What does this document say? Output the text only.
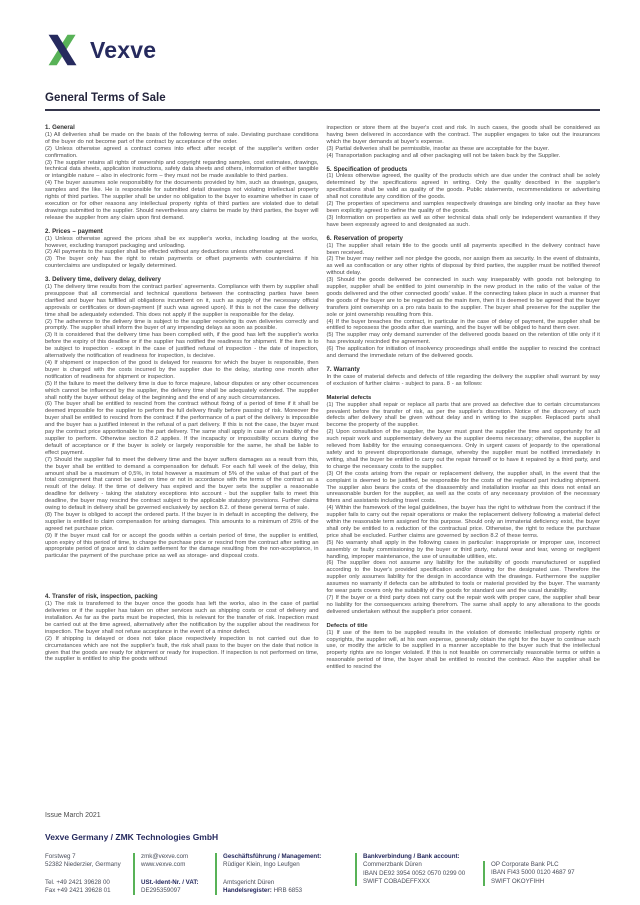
Vexve
General Terms of Sale
1. General
(1) All deliveries shall be made on the basis of the following terms of sale. Deviating purchase conditions of the buyer do not become part of the contract by acceptance of the order.
(2) Unless otherwise agreed a contract comes into effect after receipt of the supplier's written order confirmation.
(3) The supplier retains all rights of ownership and copyright regarding samples, cost estimates, drawings, technical data sheets, application instructions, safety data sheets and others, information of either tangible or intangible nature – also in electronic form – they must not be made available to third parties.
(4) The buyer assumes sole responsibility for the documents provided by him, such as drawings, gauges, samples and the like. He is responsible for submitted detail drawings not violating intellectual property rights of third parties. The supplier shall be under no obligation to the buyer to examine whether in case of execution or for other reasons any intellectual property rights of third parties are violated due to detail drawings submitted to the supplier. Should nevertheless any claims be made by third parties, the buyer will release the supplier from any claim upon first demand.
2. Prices – payment
(1) Unless otherwise agreed the prices shall be ex supplier's works, including loading at the works, however, excluding transport packaging and unloading.
(2) All payments to the supplier shall be effected without any deductions unless otherwise agreed.
(3) The buyer only has the right to retain payments or offset payments with counterclaims if his counterclaims are undisputed or legally determined.
3. Delivery time, delivery delay, delivery
(1) The delivery time results from the contract parties' agreements. Compliance with them by supplier shall presuppose that all commercial and technical questions between the contracting parties have been clarified and buyer has fulfilled all obligations incumbent on it, such as supply of the necessary official approvals or certificates or down-payment (if such was agreed upon). If this is not the case the delivery time shall be adequately extended. This does not apply if the supplier is responsible for the delay.
(2) The adherence to the delivery time is subject to the supplier receiving its own deliveries correctly and promptly. The supplier shall inform the buyer of any impending delays as soon as possible.
(3) It is considered that the delivery time has been complied with, if the good has left the supplier's works before the expiry of this deadline or if the supplier has notified the readiness for shipment. If the item is to be subject to inspection - except in the case of justified refusal of inspection - the date of inspection, alternatively the notification of readiness for inspection, is decisive.
(4) If shipment or inspection of the good is delayed for reasons for which the buyer is responsible, then buyer is charged with the costs incurred by the supplier due to the delay, starting one month after notification of readiness for shipment or inspection.
(5) If the failure to meet the delivery time is due to force majeure, labour disputes or any other occurrences which cannot be influenced by the supplier, the delivery time shall be adequately extended. The supplier shall notify the buyer without delay of the beginning and the end of any such circumstances.
(6) The buyer shall be entitled to rescind from the contract without fixing of a period of time if it shall be deemed impossible for the supplier to perform the full delivery finally before passing of risk. Moreover the buyer shall be entitled to rescind from the contract if the performance of a part of the delivery is impossible and the buyer has a justified interest in the refusal of a part delivery. If this is not the case, the buyer must pay the contract price apportionable to the part delivery. The same shall apply in case of an inability of the supplier to perform. Otherwise section 8.2 applies. If the incapacity or impossibility occurs during the default of acceptance or if the buyer is solely or largely responsible for the same, he shall be liable to effect payment.
(7) Should the supplier fail to meet the delivery time and the buyer suffers damages as a result from this, the buyer shall be entitled to demand a compensation for default. For each full week of the delay, this amount shall be a maximum of 0,5%, in total however a maximum of 5% of the value of that part of the total consignment that cannot be used on time or not in accordance with the terms of the contract as a result of the delay. If the time of delivery has expired and the buyer sets the supplier a reasonable deadline for delivery - taking the statutory exceptions into account - but the supplier fails to meet this deadline, the buyer may rescind the contract subject to the applicable statutory provisions. Further claims owing to default in delivery shall be governed exclusively by section 8.2. of these general terms of sale.
(8) The buyer is obliged to accept the ordered parts. If the buyer is in default in accepting the delivery, the supplier is entitled to claim compensation for arising damages. This amounts to a minimum of 25% of the agreed net purchase price.
(9) If the buyer must call for or accept the goods within a certain period of time, the supplier is entitled, upon expiry of this period of time, to charge the purchase price or rescind from the contract after setting an appropriate period of grace and to claim settlement for the damage resulting from the non-acceptance, in particular the payment of the purchase price as well as storage- and disposal costs.
4. Transfer of risk, inspection, packing
(1) The risk is transferred to the buyer once the goods has left the works, also in the case of partial deliveries or if the supplier has taken on other services such as shipping costs or cost of delivery and installation. As far as the parts must be inspected, this is relevant for the transfer of risk. Inspection must be carried out at the time agreed, alternatively after the notification by the supplier about the readiness for inspection. The buyer shall not refuse acceptance in the event of a minor defect.
(2) If shipping is delayed or does not take place respectively inspection is not carried out due to circumstances which are not the supplier's fault, the risk shall pass to the buyer on the date that notice is given that the goods are ready for shipment or ready for inspection. If inspection is not performed on time, the supplier is entitled to ship the goods without
inspection or store them at the buyer's cost and risk. In such cases, the goods shall be considered as having been delivered in accordance with the contract. The supplier engages to take out the insurances which the buyer demands at buyer's expense.
(3) Partial deliveries shall be permissible, insofar as these are acceptable for the buyer.
(4) Transportation packaging and all other packaging will not be taken back by the Supplier.
5. Specification of products
(1) Unless otherwise agreed, the quality of the products which are due under the contract shall be solely determined by the specifications agreed in writing. Only the quality described in the supplier's specifications shall be valid as quality of the goods. Public statements, recommendations or advertising shall not constitute any condition of the goods.
(2) The properties of specimens and samples respectively drawings are binding only insofar as they have been explicitly agreed to define the quality of the goods.
(3) Information on properties as well as other technical data shall only be independent warranties if they have been expressly agreed to and designated as such.
6. Reservation of property
(1) The supplier shall retain title to the goods until all payments specified in the delivery contract have been received.
(2) The buyer may neither sell nor pledge the goods, nor assign them as security. In the event of distraints, as well as confiscation or any other rights of disposal by third parties, the supplier must be notified thereof without delay.
(3) Should the goods delivered be connected in such way inseparably with goods not belonging to supplier, supplier shall be entitled to joint ownership in the new product in the ratio of the value of the goods delivered and the other connected goods' value. If the connecting takes place in such a manner that the goods of the buyer are to be regarded as the main item, then it is deemed to be agreed that the buyer transfers joint ownership on a pro rata basis to the supplier. The buyer shall preserve for the supplier the sole or joint ownership resulting from this.
(4) If the buyer breaches the contract, in particular in the case of delay of payment, the supplier shall be entitled to repossess the goods after due warning, and the buyer will be obliged to hand them over.
(5) The supplier may only demand surrender of the delivered goods based on the retention of title only if it has previously rescinded the agreement.
(6) The application for initiation of insolvency proceedings shall entitle the supplier to rescind the contract and demand the immediate return of the delivered goods.
7. Warranty
In the case of material defects and defects of title regarding the delivery the supplier shall warrant by way of exclusion of further claims - subject to para. 8 - as follows:
Material defects
(1) The supplier shall repair or replace all parts that are proved as defective due to certain circumstances prevalent before the transfer of risk, as per the supplier's discretion. Notice of the discovery of such defects after delivery shall be given without delay and in writing to the supplier. Replaced parts shall become the property of the supplier.
(2) Upon consultation of the supplier, the buyer must grant the supplier the time and opportunity for all such repair work and supplementary delivery as the supplier deems necessary; otherwise, the supplier is relieved from liability for the ensuing consequences. Only in urgent cases of jeopardy to the operational safety and to prevent disproportionate damage, whereby the supplier must be notified immediately in writing, shall the buyer be entitled to carry out the repair himself or to have it repaired by a third party, and to charge the necessary costs to the supplier.
(3) Of the costs arising from the repair or replacement delivery, the supplier shall, in the event that the complaint is deemed to be justified, be responsible for the costs of the replaced part including shipment. The supplier also bears the costs of the disassembly and installation insofar as this does not entail an unreasonable burden for the supplier, as well as the costs of any necessary provision of the necessary fitters and assistants including travel costs.
(4) Within the framework of the legal guidelines, the buyer has the right to withdraw from the contract if the supplier fails to carry out the repair operations or make the replacement delivery following a material defect within the reasonable term assigned for this purpose. Should only an immaterial deficiency exist, the buyer shall only be entitled to a reduction of the contractual price. Otherwise, the right to reduce the purchase price shall be excluded. Further claims are governed by section 8.2 of these terms.
(5) No warranty shall apply in the following cases in particular: inappropriate or improper use, incorrect assembly or faulty commissioning by the buyer or third party, natural wear and tear, wrong or negligent handling, improper maintenance, the use of unsuitable utilities, etc.
(6) The supplier does not assume any liability for the suitability of goods manufactured or supplied according to the buyer's provided specification and/or drawing for the designated use. Therefore the supplier only assumes liability for the design in accordance with the drawings. Furthermore the supplier assumes no warranty if defects can be attributed to tools or material provided by the buyer. The warranty for wear parts covers only the suitability of the goods for standard use and the usual durability.
(7) If the buyer or a third party does not carry out the repair work with proper care, the supplier shall bear no liability for the consequences arising therefrom. The same shall apply to any alterations to the goods delivered undertaken without the supplier's prior consent.
Defects of title
(1) If use of the item to be supplied results in the violation of domestic intellectual property rights or copyrights, the supplier will, at his own expense, generally obtain the right for the buyer to continue such use, or modify the article to be supplied in a manner acceptable to the buyer such that the intellectual property rights are no longer violated. If this is not feasible on commercially reasonable terms or within a reasonable period of time, the buyer shall be entitled to rescind the contract. Also the supplier shall be entitled to rescind the
Issue March 2021
Vexve Germany / ZMK Technologies GmbH
Forstweg 7
52382 Niederzier, Germany
Tel. +49 2421 39628 00
Fax +49 2421 39628 01
zmk@vexve.com
www.vexve.com
USt.-Ident-Nr. / VAT:
DE295359097
Geschäftsführung / Management:
Rüdiger Klein, Ingo Leufgen
Amtsgericht Düren
Handelsregister: HRB 6853
Bankverbindung / Bank account:
Commerzbank Düren
IBAN DE92 3954 0052 0570 0299 00
SWIFT COBADEFFXXX
OP Corporate Bank PLC
IBAN FI43 5000 0120 4687 97
SWIFT OKOYFIHH
